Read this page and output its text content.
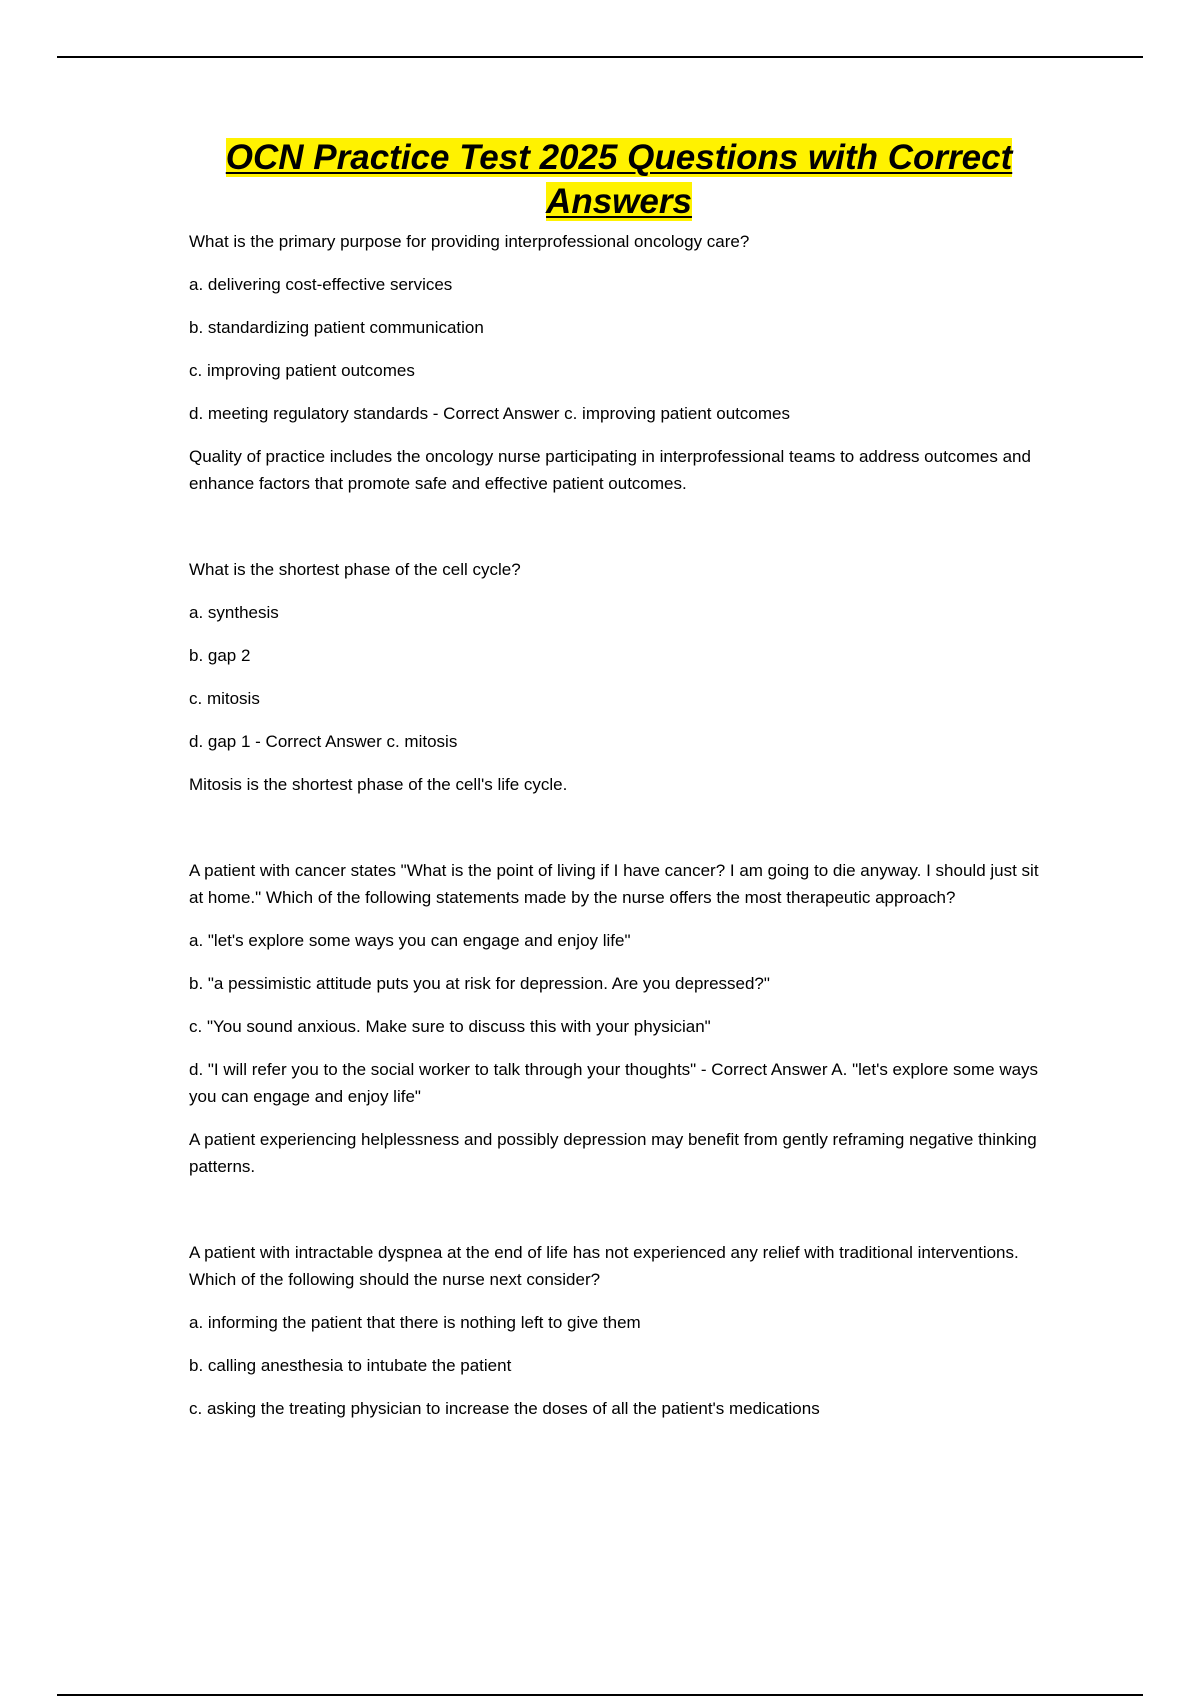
OCN Practice Test 2025 Questions with Correct Answers

What is the primary purpose for providing interprofessional oncology care?

a. delivering cost-effective services

b. standardizing patient communication

c. improving patient outcomes

d. meeting regulatory standards - Correct Answer c. improving patient outcomes

Quality of practice includes the oncology nurse participating in interprofessional teams to address outcomes and enhance factors that promote safe and effective patient outcomes.

What is the shortest phase of the cell cycle?

a. synthesis

b. gap 2

c. mitosis

d. gap 1 - Correct Answer c. mitosis

Mitosis is the shortest phase of the cell's life cycle.

A patient with cancer states "What is the point of living if I have cancer? I am going to die anyway. I should just sit at home." Which of the following statements made by the nurse offers the most therapeutic approach?

a. "let's explore some ways you can engage and enjoy life"

b. "a pessimistic attitude puts you at risk for depression. Are you depressed?"

c. "You sound anxious. Make sure to discuss this with your physician"

d. "I will refer you to the social worker to talk through your thoughts" - Correct Answer A. "let's explore some ways you can engage and enjoy life"

A patient experiencing helplessness and possibly depression may benefit from gently reframing negative thinking patterns.

A patient with intractable dyspnea at the end of life has not experienced any relief with traditional interventions. Which of the following should the nurse next consider?

a. informing the patient that there is nothing left to give them

b. calling anesthesia to intubate the patient

c. asking the treating physician to increase the doses of all the patient's medications
